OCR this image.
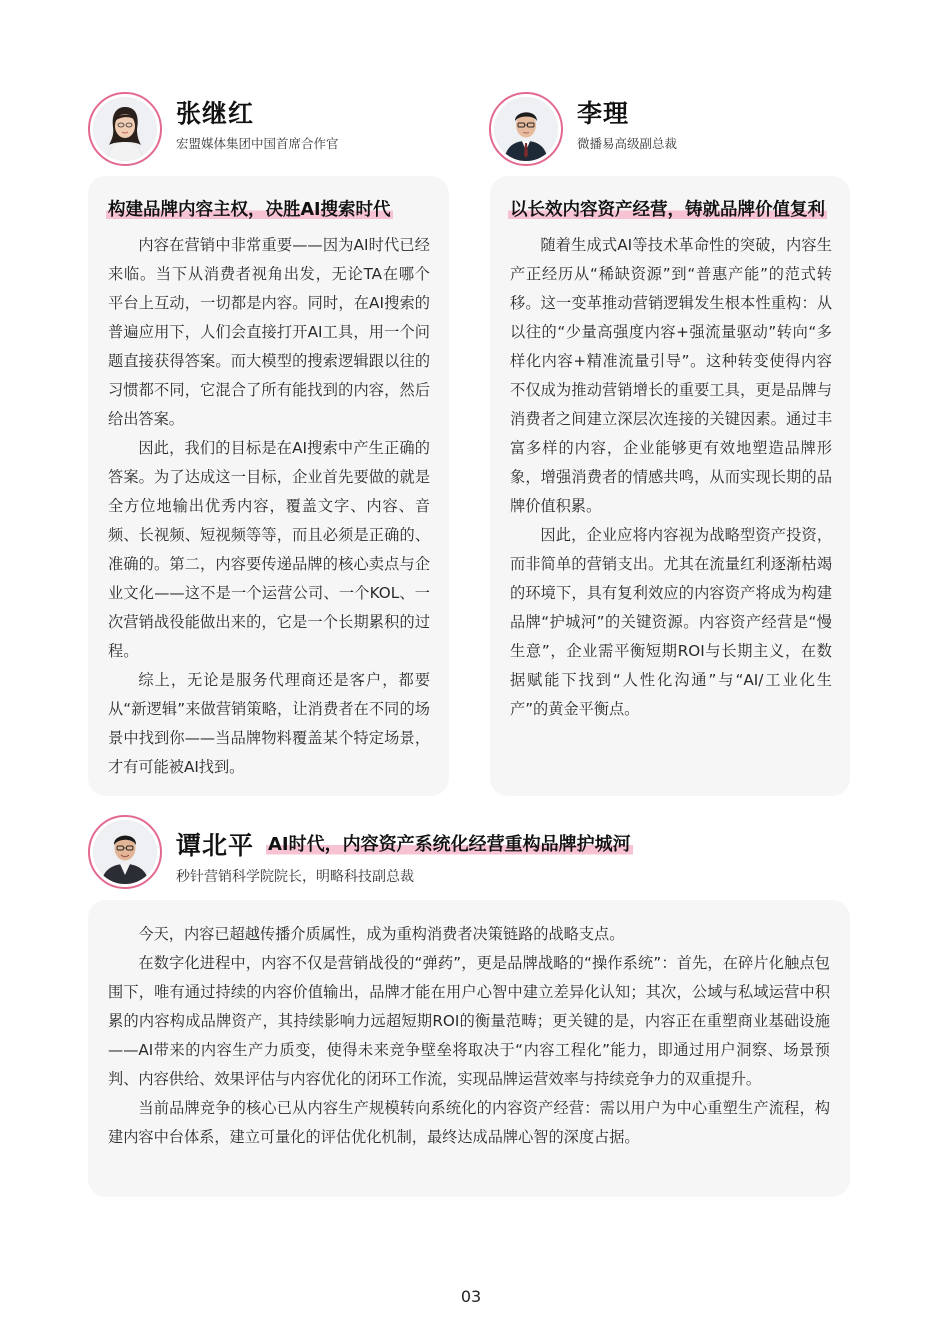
张继红
宏盟媒体集团中国首席合作官
构建品牌内容主权，决胜AI搜索时代

内容在营销中非常重要——因为AI时代已经来临。当下从消费者视角出发，无论TA在哪个平台上互动，一切都是内容。同时，在AI搜索的普遍应用下，人们会直接打开AI工具，用一个问题直接获得答案。而大模型的搜索逻辑跟以往的习惯都不同，它混合了所有能找到的内容，然后给出答案。

因此，我们的目标是在AI搜索中产生正确的答案。为了达成这一目标，企业首先要做的就是全方位地输出优秀内容，覆盖文字、内容、音频、长视频、短视频等等，而且必须是正确的、准确的。第二，内容要传递品牌的核心卖点与企业文化——这不是一个运营公司、一个KOL、一次营销战役能做出来的，它是一个长期累积的过程。

综上，无论是服务代理商还是客户，都要从“新逻辑”来做营销策略，让消费者在不同的场景中找到你——当品牌物料覆盖某个特定场景，才有可能被AI找到。

李理
微播易高级副总裁
以长效内容资产经营，铸就品牌价值复利

随着生成式AI等技术革命性的突破，内容生产正经历从“稀缺资源”到“普惠产能”的范式转移。这一变革推动营销逻辑发生根本性重构：从以往的“少量高强度内容+强流量驱动”转向“多样化内容+精准流量引导”。这种转变使得内容不仅成为推动营销增长的重要工具，更是品牌与消费者之间建立深层次连接的关键因素。通过丰富多样的内容，企业能够更有效地塑造品牌形象，增强消费者的情感共鸣，从而实现长期的品牌价值积累。

因此，企业应将内容视为战略型资产投资，而非简单的营销支出。尤其在流量红利逐渐枯竭的环境下，具有复利效应的内容资产将成为构建品牌“护城河”的关键资源。内容资产经营是“慢生意”，企业需平衡短期ROI与长期主义，在数据赋能下找到“人性化沟通”与“AI/工业化生产”的黄金平衡点。

谭北平 AI时代，内容资产系统化经营重构品牌护城河
秒针营销科学院院长，明略科技副总裁

今天，内容已超越传播介质属性，成为重构消费者决策链路的战略支点。

在数字化进程中，内容不仅是营销战役的“弹药”，更是品牌战略的“操作系统”：首先，在碎片化触点包围下，唯有通过持续的内容价值输出，品牌才能在用户心智中建立差异化认知；其次，公域与私域运营中积累的内容构成品牌资产，其持续影响力远超短期ROI的衡量范畴；更关键的是，内容正在重塑商业基础设施——AI带来的内容生产力质变，使得未来竞争壁垒将取决于“内容工程化”能力，即通过用户洞察、场景预判、内容供给、效果评估与内容优化的闭环工作流，实现品牌运营效率与持续竞争力的双重提升。

当前品牌竞争的核心已从内容生产规模转向系统化的内容资产经营：需以用户为中心重塑生产流程，构建内容中台体系，建立可量化的评估优化机制，最终达成品牌心智的深度占据。

03
